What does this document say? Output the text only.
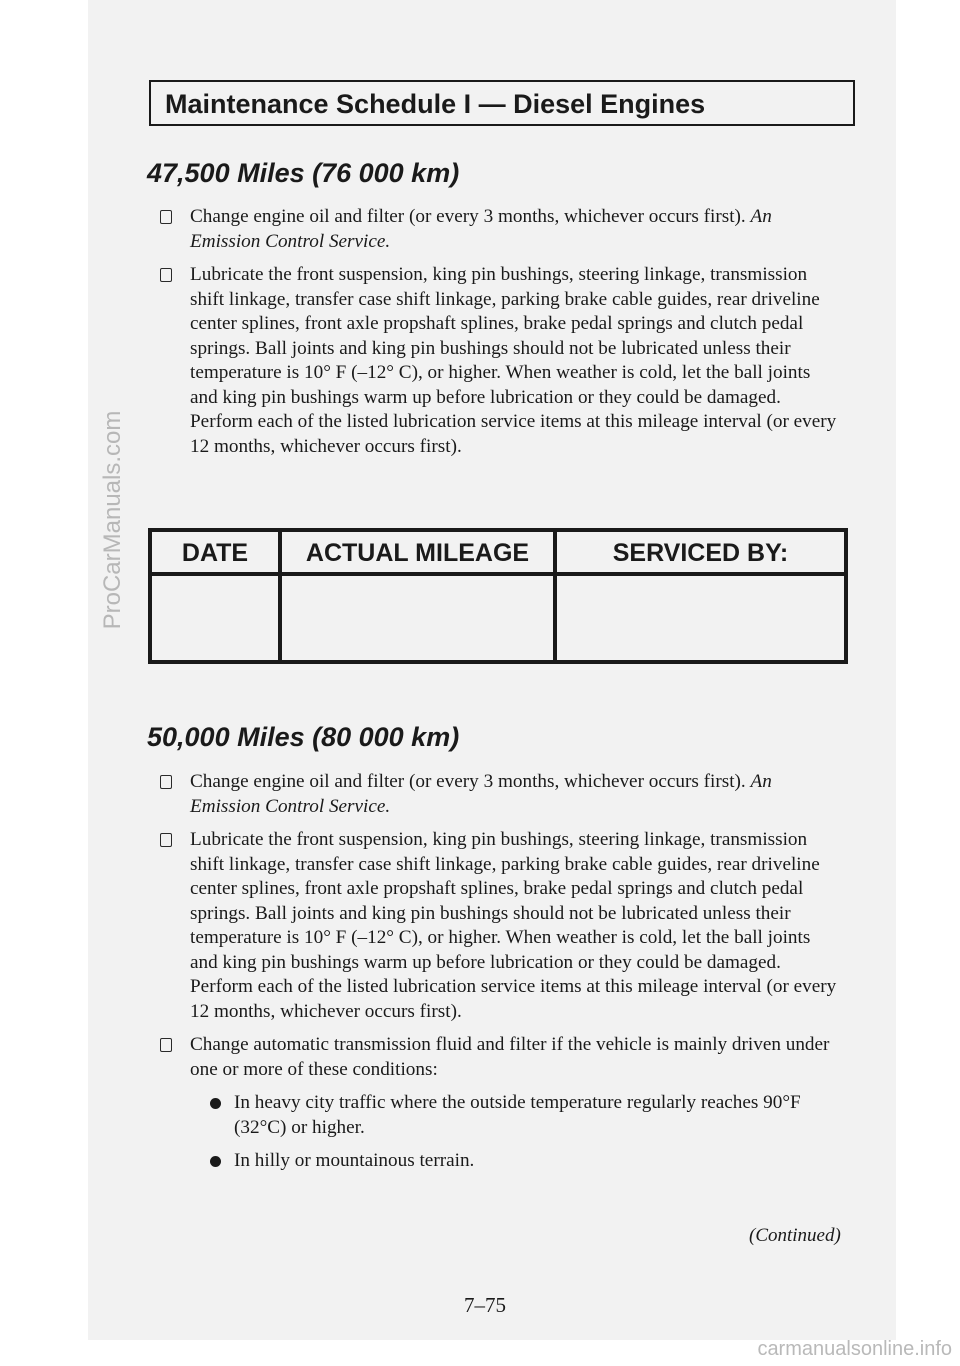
ProCarManuals.com
carmanualsonline.info
Maintenance Schedule I — Diesel Engines
47,500 Miles (76 000 km)
Change engine oil and filter (or every 3 months, whichever occurs first). An Emission Control Service.
Lubricate the front suspension, king pin bushings, steering linkage, transmission shift linkage, transfer case shift linkage, parking brake cable guides, rear driveline center splines, front axle propshaft splines, brake pedal springs and clutch pedal springs. Ball joints and king pin bushings should not be lubricated unless their temperature is 10° F (–12° C), or higher. When weather is cold, let the ball joints and king pin bushings warm up before lubrication or they could be damaged. Perform each of the listed lubrication service items at this mileage interval (or every 12 months, whichever occurs first).
DATE	ACTUAL MILEAGE	SERVICED BY:
50,000 Miles (80 000 km)
Change engine oil and filter (or every 3 months, whichever occurs first). An Emission Control Service.
Lubricate the front suspension, king pin bushings, steering linkage, transmission shift linkage, transfer case shift linkage, parking brake cable guides, rear driveline center splines, front axle propshaft splines, brake pedal springs and clutch pedal springs. Ball joints and king pin bushings should not be lubricated unless their temperature is 10° F (–12° C), or higher. When weather is cold, let the ball joints and king pin bushings warm up before lubrication or they could be damaged. Perform each of the listed lubrication service items at this mileage interval (or every 12 months, whichever occurs first).
Change automatic transmission fluid and filter if the vehicle is mainly driven under one or more of these conditions:
In heavy city traffic where the outside temperature regularly reaches 90°F (32°C) or higher.
In hilly or mountainous terrain.
(Continued)
7–75
